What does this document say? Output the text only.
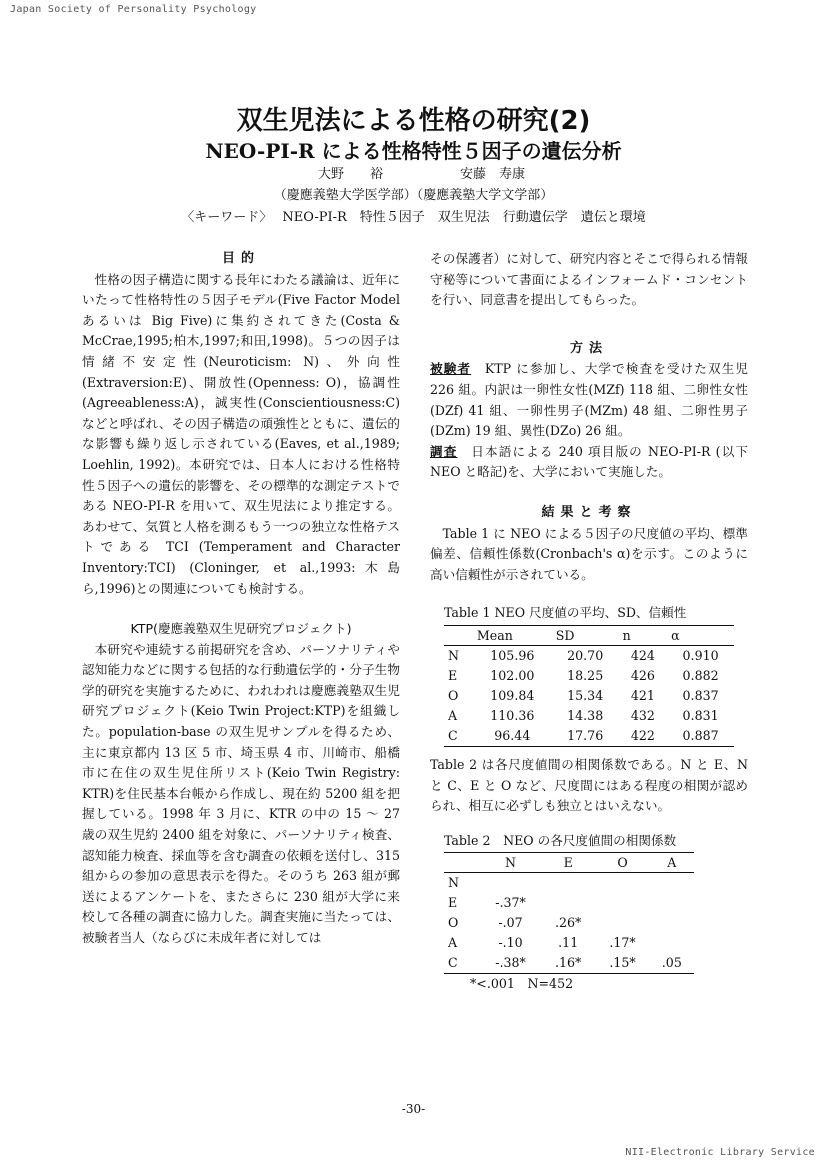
Japan Society of Personality Psychology
双生児法による性格の研究(2)
NEO-PI-R による性格特性５因子の遺伝分析
大野　　裕	安藤　寿康
（慶應義塾大学医学部）（慶應義塾大学文学部）
〈キーワード〉 NEO-PI-R　特性５因子　双生児法　行動遺伝学　遺伝と環境

目的

性格の因子構造に関する長年にわたる議論は、近年にいたって性格特性の５因子モデル(Five Factor Model あるいは Big Five)に集約されてきた(Costa & McCrae,1995;柏木,1997;和田,1998)。５つの因子は情緒不安定性(Neuroticism: N)、外向性(Extraversion:E)、開放性(Openness: O)，協調性(Agreeableness:A)，誠実性(Conscientiousness:C)などと呼ばれ、その因子構造の頑強性とともに、遺伝的な影響も繰り返し示されている(Eaves, et al.,1989; Loehlin, 1992)。本研究では、日本人における性格特性５因子への遺伝的影響を、その標準的な測定テストである NEO-PI-R を用いて、双生児法により推定する。あわせて、気質と人格を測るもう一つの独立な性格テストである TCI (Temperament and Character Inventory:TCI) (Cloninger, et al.,1993:木島ら,1996)との関連についても検討する。

KTP(慶應義塾双生児研究プロジェクト)

本研究や連続する前掲研究を含め、パーソナリティや認知能力などに関する包括的な行動遺伝学的・分子生物学的研究を実施するために、われわれは慶應義塾双生児研究プロジェクト(Keio Twin Project:KTP)を組織した。population-base の双生児サンプルを得るため、主に東京都内 13 区 5 市、埼玉県 4 市、川崎市、船橋市に在住の双生児住所リスト(Keio Twin Registry: KTR)を住民基本台帳から作成し、現在約 5200 組を把握している。1998 年 3 月に、KTR の中の 15 ～ 27 歳の双生児約 2400 組を対象に、パーソナリティ検査、認知能力検査、採血等を含む調査の依頼を送付し、315 組からの参加の意思表示を得た。そのうち 263 組が郵送によるアンケートを、またさらに 230 組が大学に来校して各種の調査に協力した。調査実施に当たっては、被験者当人（ならびに未成年者に対しては

その保護者）に対して、研究内容とそこで得られる情報守秘等について書面によるインフォームド・コンセントを行い、同意書を提出してもらった。

方法

被験者　 KTP に参加し、大学で検査を受けた双生児 226 組。内訳は一卵性女性(MZf) 118 組、二卵性女性(DZf) 41 組、一卵性男子(MZm) 48 組、二卵性男子(DZm) 19 組、異性(DZo) 26 組。

調査　 日本語による 240 項目版の NEO-PI-R (以下 NEO と略記)を、大学において実施した。

結果と考察

Table 1 に NEO による５因子の尺度値の平均、標準偏差、信頼性係数(Cronbach's α)を示す。このように高い信頼性が示されている。

Table 1 NEO 尺度値の平均、SD、信頼性
	Mean	SD	n	α
N	105.96	20.70	424	0.910
E	102.00	18.25	426	0.882
O	109.84	15.34	421	0.837
A	110.36	14.38	432	0.831
C	96.44	17.76	422	0.887

Table 2 は各尺度値間の相関係数である。N と E、N と C、E と O など、尺度間にはある程度の相関が認められ、相互に必ずしも独立とはいえない。

Table 2　NEO の各尺度値間の相関係数
	N	E	O	A
N				
E	-.37*			
O	-.07	.26*		
A	-.10	.11	.17*	
C	-.38*	.16*	.15*	.05

*<.001　N=452

-30-
NII-Electronic Library Service
